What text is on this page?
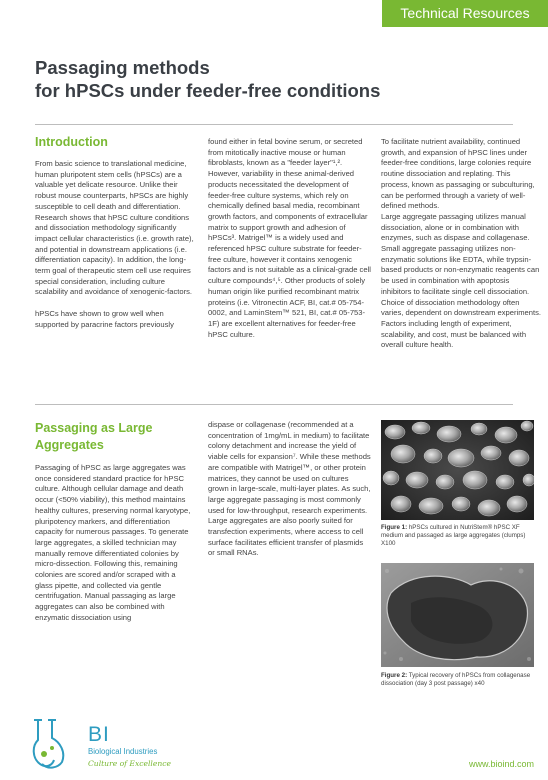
Technical Resources
Passaging methods
for hPSCs under feeder-free conditions
Introduction

From basic science to translational medicine, human pluripotent stem cells (hPSCs) are a valuable yet delicate resource. Unlike their robust mouse counterparts, hPSCs are highly susceptible to cell death and differentiation. Research shows that hPSC culture conditions and dissociation methodology significantly impact cellular characteristics (i.e. growth rate), and potential in downstream applications (i.e. differentiation capacity). In addition, the long-term goal of therapeutic stem cell use requires special consideration, including culture scalability and avoidance of xenogenic-factors.

hPSCs have shown to grow well when supported by paracrine factors previously

found either in fetal bovine serum, or secreted from mitotically inactive mouse or human fibroblasts, known as a "feeder layer"¹,². However, variability in these animal-derived products necessitated the development of feeder-free culture systems, which rely on chemically defined basal media, recombinant growth factors, and components of extracellular matrix to support growth and adhesion of hPSCs³. Matrigel™ is a widely used and referenced hPSC culture substrate for feeder-free culture, however it contains xenogenic factors and is not suitable as a clinical-grade cell culture compounds⁴,⁵. Other products of solely human origin like purified recombinant matrix proteins (i.e. Vitronectin ACF, BI, cat.# 05-754-0002, and LaminStem™ 521, BI, cat.# 05-753-1F) are excellent alternatives for feeder-free hPSC culture.

To facilitate nutrient availability, continued growth, and expansion of hPSC lines under feeder-free conditions, large colonies require routine dissociation and replating. This process, known as passaging or subculturing, can be performed through a variety of well-defined methods.

Large aggregate passaging utilizes manual dissociation, alone or in combination with enzymes, such as dispase and collagenase. Small aggregate passaging utilizes non-enzymatic solutions like EDTA, while trypsin-based products or non-enzymatic reagents can be used in combination with apoptosis inhibitors to facilitate single cell dissociation. Choice of dissociation methodology often varies, dependent on downstream experiments. Factors including length of experiment, scalability, and cost, must be balanced with overall culture health.

Passaging as Large
Aggregates

Passaging of hPSC as large aggregates was once considered standard practice for hPSC culture. Although cellular damage and death occur (<50% viability), this method maintains healthy cultures, preserving normal karyotype, pluripotency markers, and differentiation capacity for numerous passages. To generate large aggregates, a skilled technician may manually remove differentiated colonies by micro-dissection. Following this, remaining colonies are scored and/or scraped with a glass pipette, and collected via gentle centrifugation. Manual passaging as large aggregates can also be combined with enzymatic dissociation using

dispase or collagenase (recommended at a concentration of 1mg/mL in medium) to facilitate colony detachment and increase the yield of viable cells for expansion⁷. While these methods are compatible with Matrigel™, or other protein matrices, they cannot be used on cultures grown in large-scale, multi-layer plates. As such, large aggregate passaging is most commonly used for low-throughput, research experiments. Large aggregates are also poorly suited for transfection experiments, where access to cell surface facilitates efficient transfer of plasmids or small RNAs.

Figure 1: hPSCs cultured in NutriStem® hPSC XF medium and passaged as large aggregates (clumps) X100
Figure 2: Typical recovery of hPSCs from collagenase dissociation (day 3 post passage) x40
BI
Biological Industries
Culture of Excellence	www.bioind.com
